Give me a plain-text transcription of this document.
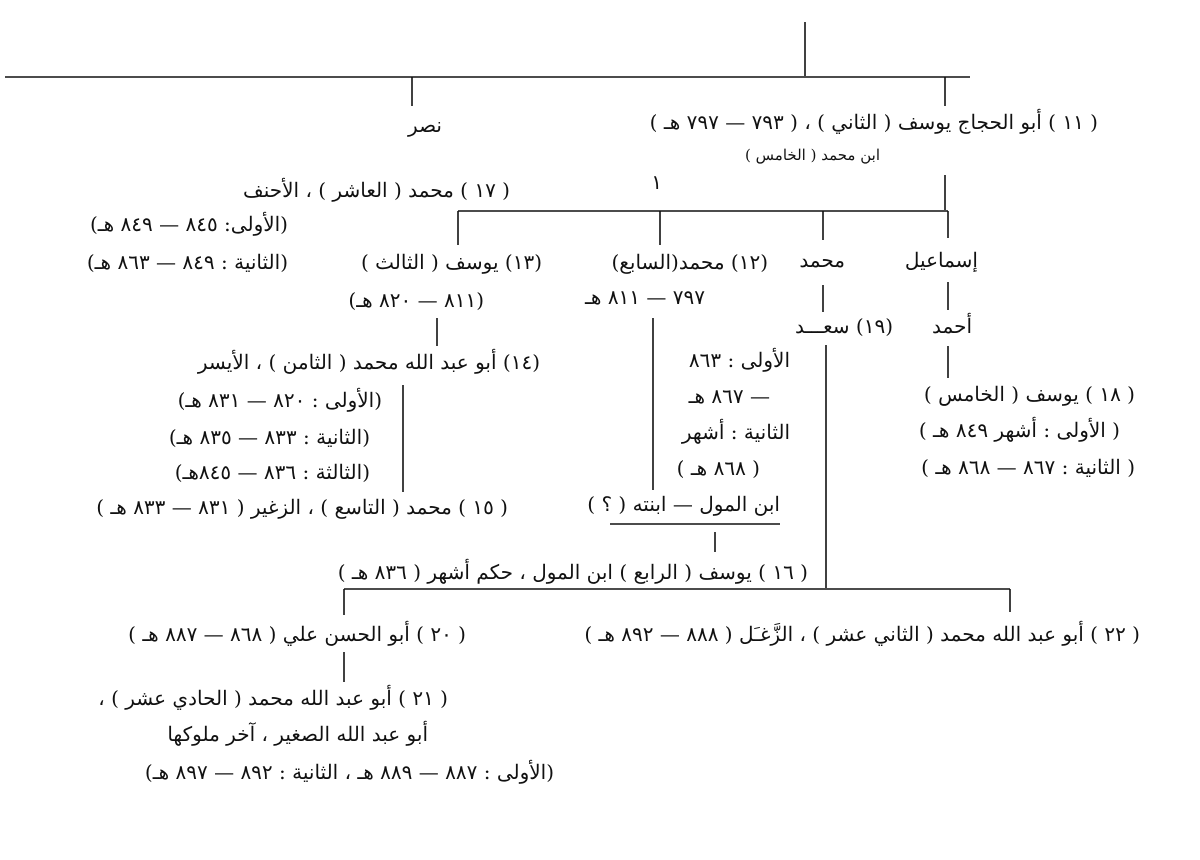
( ١١ ) أبو الحجاج يوسف ( الثاني ) ، ( ٧٩٣ — ٧٩٧ هـ )
ابن محمد ( الخامس )
نصر
١
( ١٧ ) محمد ( العاشر ) ، الأحنف
(الأولى: ٨٤٥ — ٨٤٩ هـ)
(الثانية : ٨٤٩ — ٨٦٣ هـ)	(١٣) يوسف ( الثالث )
(٨١١ — ٨٢٠ هـ)
(١٢) محمد(السابع)
٧٩٧ — ٨١١ هـ
محمد	إسماعيل
(١٩) سعـــد أحمد
الأولى : ٨٦٣
— ٨٦٧ هـ
الثانية : أشهر
( ٨٦٨ هـ )
(١٤) أبو عبد الله محمد ( الثامن ) ، الأيسر
(الأولى : ٨٢٠ — ٨٣١ هـ)
(الثانية : ٨٣٣ — ٨٣٥ هـ)
(الثالثة : ٨٣٦ — ٨٤٥هـ)
( ١٨ ) يوسف ( الخامس )
( الأولى : أشهر ٨٤٩ هـ )
( الثانية : ٨٦٧ — ٨٦٨ هـ )
( ١٥ ) محمد ( التاسع ) ، الزغير ( ٨٣١ — ٨٣٣ هـ )	ابن المول — ابنته ( ؟ )
( ١٦ ) يوسف ( الرابع ) ابن المول ، حكم أشهر ( ٨٣٦ هـ )
( ٢٢ ) أبو عبد الله محمد ( الثاني عشر ) ، الزَّغـَل ( ٨٨٨ — ٨٩٢ هـ )
( ٢٠ ) أبو الحسن علي ( ٨٦٨ — ٨٨٧ هـ )
( ٢١ ) أبو عبد الله محمد ( الحادي عشر ) ،
أبو عبد الله الصغير ، آخر ملوكها
(الأولى : ٨٨٧ — ٨٨٩ هـ ، الثانية : ٨٩٢ — ٨٩٧ هـ)
